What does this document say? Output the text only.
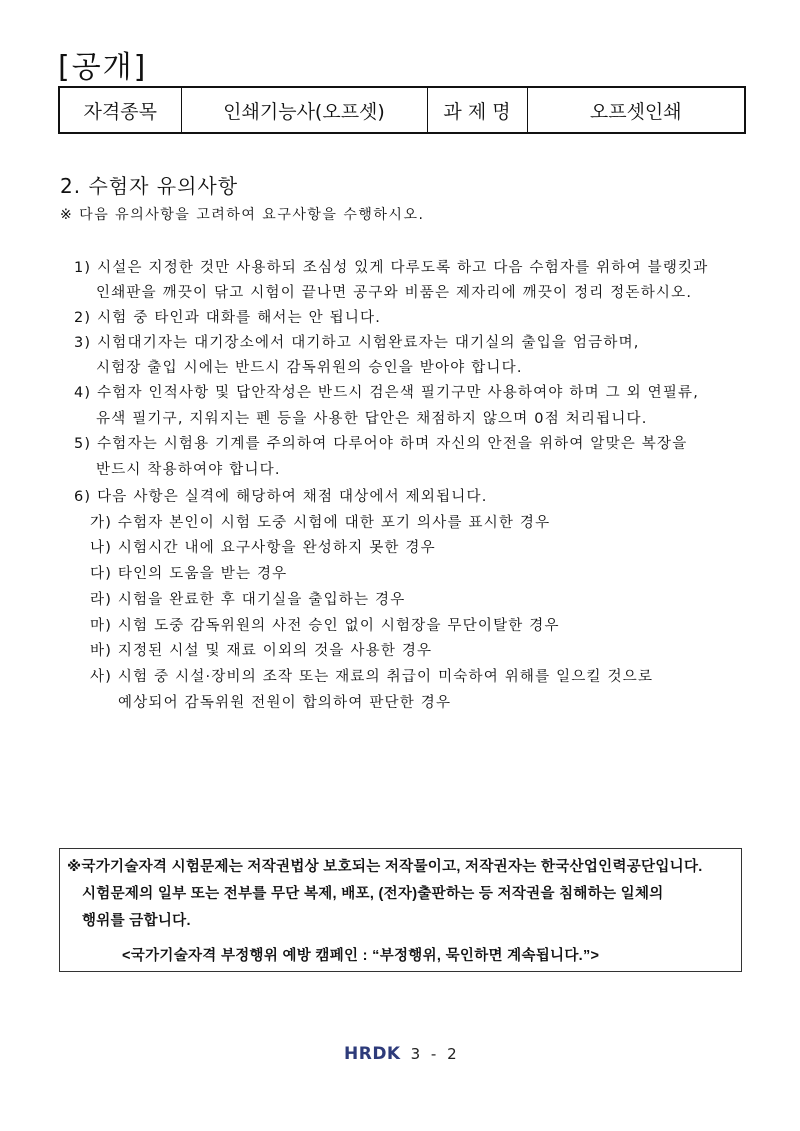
[공개]
자격종목	인쇄기능사(오프셋)	과 제 명	오프셋인쇄
2. 수험자 유의사항
※ 다음 유의사항을 고려하여 요구사항을 수행하시오.
1) 시설은 지정한 것만 사용하되 조심성 있게 다루도록 하고 다음 수험자를 위하여 블랭킷과
인쇄판을 깨끗이 닦고 시험이 끝나면 공구와 비품은 제자리에 깨끗이 정리 정돈하시오.
2) 시험 중 타인과 대화를 해서는 안 됩니다.
3) 시험대기자는 대기장소에서 대기하고 시험완료자는 대기실의 출입을 엄금하며,
시험장 출입 시에는 반드시 감독위원의 승인을 받아야 합니다.
4) 수험자 인적사항 및 답안작성은 반드시 검은색 필기구만 사용하여야 하며 그 외 연필류,
유색 필기구, 지워지는 펜 등을 사용한 답안은 채점하지 않으며 0점 처리됩니다.
5) 수험자는 시험용 기계를 주의하여 다루어야 하며 자신의 안전을 위하여 알맞은 복장을
반드시 착용하여야 합니다.
6) 다음 사항은 실격에 해당하여 채점 대상에서 제외됩니다.
가) 수험자 본인이 시험 도중 시험에 대한 포기 의사를 표시한 경우
나) 시험시간 내에 요구사항을 완성하지 못한 경우
다) 타인의 도움을 받는 경우
라) 시험을 완료한 후 대기실을 출입하는 경우
마) 시험 도중 감독위원의 사전 승인 없이 시험장을 무단이탈한 경우
바) 지정된 시설 및 재료 이외의 것을 사용한 경우
사) 시험 중 시설·장비의 조작 또는 재료의 취급이 미숙하여 위해를 일으킬 것으로
예상되어 감독위원 전원이 합의하여 판단한 경우
※국가기술자격 시험문제는 저작권법상 보호되는 저작물이고, 저작권자는 한국산업인력공단입니다.
시험문제의 일부 또는 전부를 무단 복제, 배포, (전자)출판하는 등 저작권을 침해하는 일체의
행위를 금합니다.
<국가기술자격 부정행위 예방 캠페인 : “부정행위, 묵인하면 계속됩니다.”>
HRDK 3 - 2
